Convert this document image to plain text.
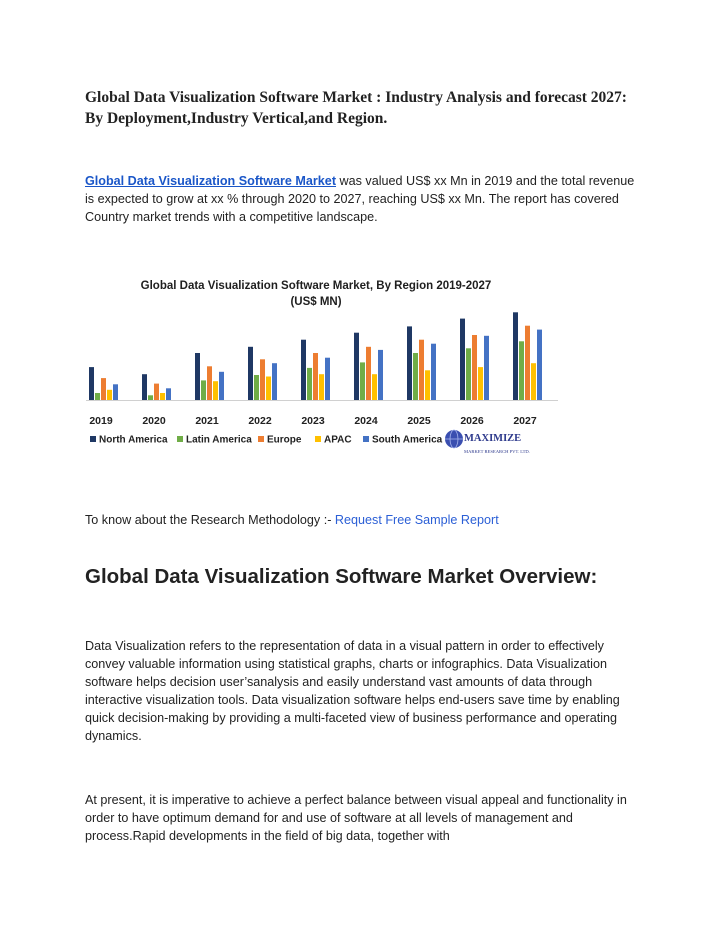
Global Data Visualization Software Market : Industry Analysis and forecast 2027: By Deployment,Industry Vertical,and Region.
Global Data Visualization Software Market was valued US$ xx Mn in 2019 and the total revenue is expected to grow at xx % through 2020 to 2027, reaching US$ xx Mn. The report has covered Country market trends with a competitive landscape.
Global Data Visualization Software Market, By Region 2019-2027
(US$ MN)
2019	2020	2021	2022	2023	2024	2025	2026	2027
North America Latin America Europe APAC South America MAXIMIZE
MARKET RESEARCH PVT. LTD.
To know about the Research Methodology :- Request Free Sample Report
Global Data Visualization Software Market Overview:
Data Visualization refers to the representation of data in a visual pattern in order to effectively convey valuable information using statistical graphs, charts or infographics. Data Visualization software helps decision user’sanalysis and easily understand vast amounts of data through interactive visualization tools. Data visualization software helps end-users save time by enabling quick decision-making by providing a multi-faceted view of business performance and operating dynamics.
At present, it is imperative to achieve a perfect balance between visual appeal and functionality in order to have optimum demand for and use of software at all levels of management and process.Rapid developments in the field of big data, together with
